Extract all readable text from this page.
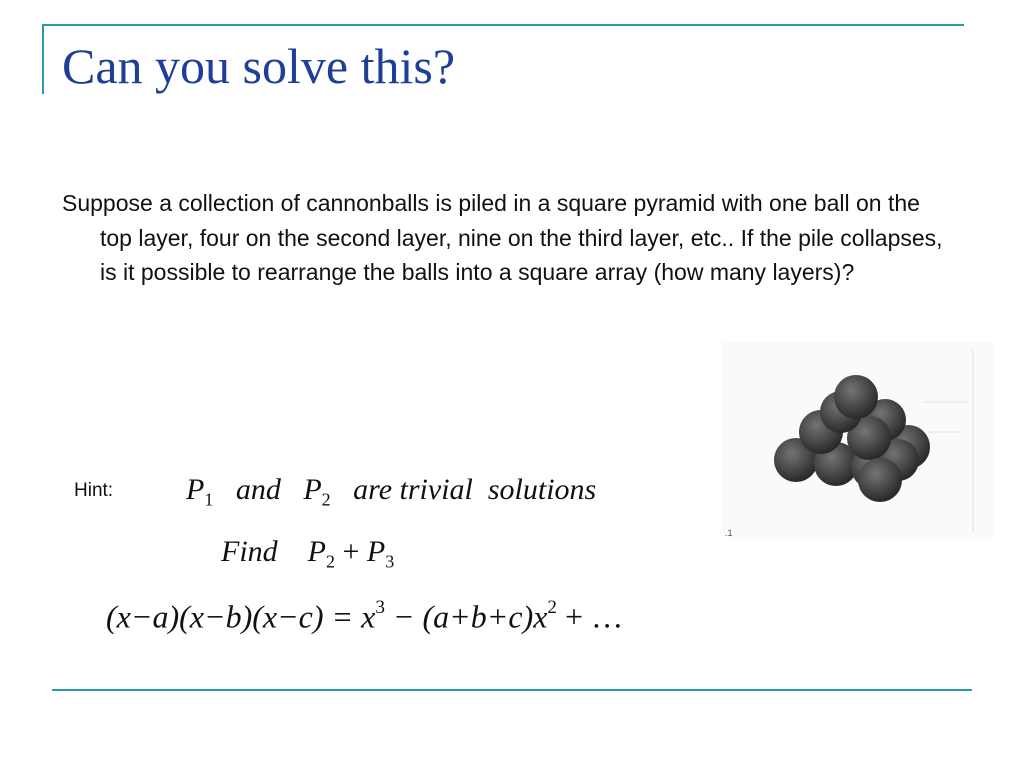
Can you solve this?
Suppose a collection of cannonballs is piled in a square pyramid with one ball on the top layer, four on the second layer, nine on the third layer, etc.. If the pile collapses, is it possible to rearrange the balls into a square array (how many layers)?
Hint: $P_1$ and $P_2$ are trivial  solutions
Find $P_2 + P_3$
$(x-a)(x-b)(x-c) = x^3 - (a+b+c)x^2$ + …
.1
